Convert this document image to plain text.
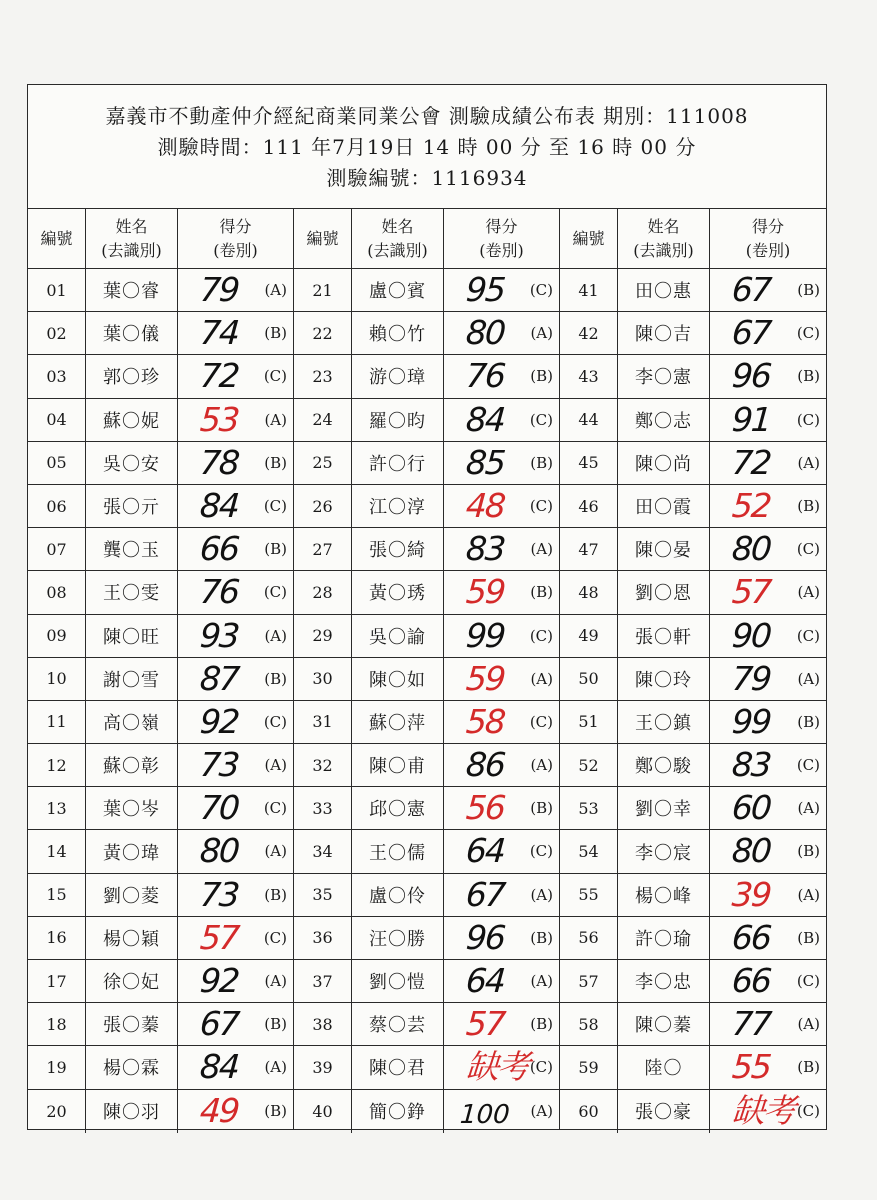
嘉義市不動產仲介經紀商業同業公會 測驗成績公布表 期別：111008
測驗時間：111 年7月19日 14 時 00 分 至 16 時 00 分
測驗編號：1116934
編號
姓名
(去識別)
得分
(卷別)
01	葉〇睿	79 (A)
02	葉〇儀	74 (B)
03	郭〇珍	72 (C)
04	蘇〇妮	53 (A)
05	吳〇安	78 (B)
06	張〇亓	84 (C)
07	龔〇玉	66 (B)
08	王〇雯	76 (C)
09	陳〇旺	93 (A)
10	謝〇雪	87 (B)
11	高〇嶺	92 (C)
12	蘇〇彰	73 (A)
13	葉〇岑	70 (C)
14	黃〇瑋	80 (A)
15	劉〇菱	73 (B)
16	楊〇穎	57 (C)
17	徐〇妃	92 (A)
18	張〇蓁	67 (B)
19	楊〇霖	84 (A)
20	陳〇羽	49 (B)
編號
姓名
(去識別)
得分
(卷別)
21	盧〇賓	95 (C)
22	賴〇竹	80 (A)
23	游〇璋	76 (B)
24	羅〇昀	84 (C)
25	許〇行	85 (B)
26	江〇淳	48 (C)
27	張〇綺	83 (A)
28	黃〇琇	59 (B)
29	吳〇諭	99 (C)
30	陳〇如	59 (A)
31	蘇〇萍	58 (C)
32	陳〇甫	86 (A)
33	邱〇憲	56 (B)
34	王〇儒	64 (C)
35	盧〇伶	67 (A)
36	汪〇勝	96 (B)
37	劉〇愷	64 (A)
38	蔡〇芸	57 (B)
39	陳〇君	缺考 (C)
40	簡〇錚	100 (A)
編號
姓名
(去識別)
得分
(卷別)
41	田〇惠	67 (B)
42	陳〇吉	67 (C)
43	李〇憲	96 (B)
44	鄭〇志	91 (C)
45	陳〇尚	72 (A)
46	田〇霞	52 (B)
47	陳〇晏	80 (C)
48	劉〇恩	57 (A)
49	張〇軒	90 (C)
50	陳〇玲	79 (A)
51	王〇鎮	99 (B)
52	鄭〇駿	83 (C)
53	劉〇幸	60 (A)
54	李〇宸	80 (B)
55	楊〇峰	39 (A)
56	許〇瑜	66 (B)
57	李〇忠	66 (C)
58	陳〇蓁	77 (A)
59	陸〇	55 (B)
60	張〇豪	缺考 (C)
